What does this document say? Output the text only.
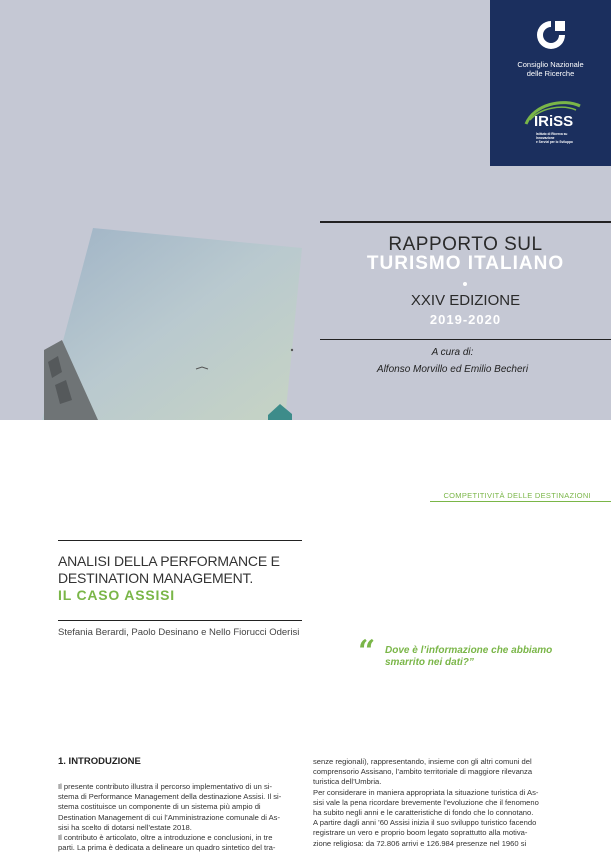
Consiglio Nazionale
delle Ricerche
IRiSS
Istituto di Ricerca su Innovazione
e Servizi per lo Sviluppo
RAPPORTO SUL
TURISMO ITALIANO
XXIV EDIZIONE
2019-2020
A cura di:
Alfonso Morvillo ed Emilio Becheri
COMPETITIVITÀ DELLE DESTINAZIONI
ANALISI DELLA PERFORMANCE E
DESTINATION MANAGEMENT.
IL CASO ASSISI
Stefania Berardi, Paolo Desinano e Nello Fiorucci Oderisi
“ Dove è l’informazione che abbiamo
smarrito nei dati?”
1. INTRODUZIONE
Il presente contributo illustra il percorso implementativo di un si-
stema di Performance Management della destinazione Assisi. Il si-
stema costituisce un componente di un sistema più ampio di
Destination Management di cui l’Amministrazione comunale di As-
sisi ha scelto di dotarsi nell’estate 2018.
Il contributo è articolato, oltre a introduzione e conclusioni, in tre
parti. La prima è dedicata a delineare un quadro sintetico del tra-
senze regionali), rappresentando, insieme con gli altri comuni del
comprensorio Assisano, l’ambito territoriale di maggiore rilevanza
turistica dell’Umbria.
Per considerare in maniera appropriata la situazione turistica di As-
sisi vale la pena ricordare brevemente l’evoluzione che il fenomeno
ha subito negli anni e le caratteristiche di fondo che lo connotano.
A partire dagli anni ’60 Assisi inizia il suo sviluppo turistico facendo
registrare un vero e proprio boom legato soprattutto alla motiva-
zione religiosa: da 72.806 arrivi e 126.984 presenze nel 1960 si
